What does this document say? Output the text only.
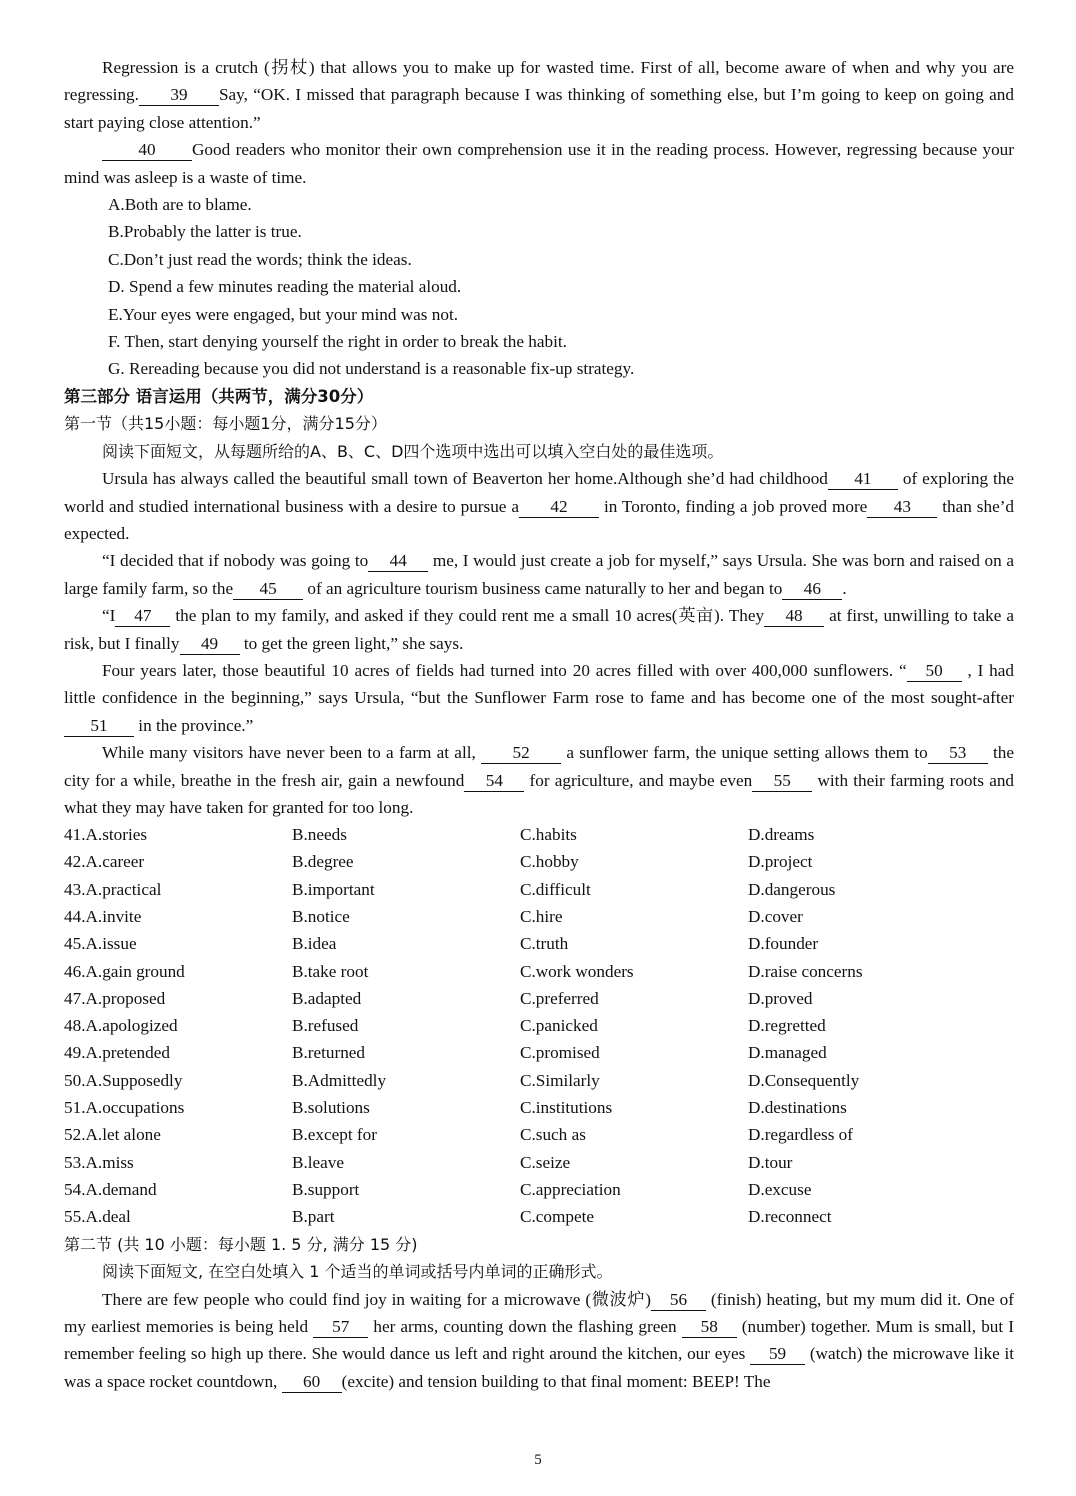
Regression is a crutch (拐杖) that allows you to make up for wasted time. First of all, become aware of when and why you are regressing. 39 Say, “OK. I missed that paragraph because I was thinking of something else, but I’m going to keep on going and start paying close attention.”

40 Good readers who monitor their own comprehension use it in the reading process. However, regressing because your mind was asleep is a waste of time.

A.Both are to blame.

B.Probably the latter is true.

C.Don’t just read the words; think the ideas.

D. Spend a few minutes reading the material aloud.

E.Your eyes were engaged, but your mind was not.

F. Then, start denying yourself the right in order to break the habit.

G. Rereading because you did not understand is a reasonable fix-up strategy.

第三部分 语言运用（共两节，满分30分）

第一节（共15小题：每小题1分，满分15分）

阅读下面短文，从每题所给的A、B、C、D四个选项中选出可以填入空白处的最佳选项。

Ursula has always called the beautiful small town of Beaverton her home.Although she’d had childhood 41 of exploring the world and studied international business with a desire to pursue a 42 in Toronto, finding a job proved more 43 than she’d expected.

“I decided that if nobody was going to 44 me, I would just create a job for myself,” says Ursula. She was born and raised on a large family farm, so the 45 of an agriculture tourism business came naturally to her and began to 46 .

“I 47 the plan to my family, and asked if they could rent me a small 10 acres(英亩). They 48 at first, unwilling to take a risk, but I finally 49 to get the green light,” she says.

Four years later, those beautiful 10 acres of fields had turned into 20 acres filled with over 400,000 sunflowers. “ 50 , I had little confidence in the beginning,” says Ursula, “but the Sunflower Farm rose to fame and has become one of the most sought-after51 in the province.”

While many visitors have never been to a farm at all, 52 a sunflower farm, the unique setting allows them to 53 the city for a while, breathe in the fresh air, gain a newfound 54 for agriculture, and maybe even 55 with their farming roots and what they may have taken for granted for too long.

41.A.stories	B.needs	C.habits	D.dreams
42.A.career	B.degree	C.hobby	D.project
43.A.practical	B.important	C.difficult	D.dangerous
44.A.invite	B.notice	C.hire	D.cover
45.A.issue	B.idea	C.truth	D.founder
46.A.gain ground	B.take root	C.work wonders	D.raise concerns
47.A.proposed	B.adapted	C.preferred	D.proved
48.A.apologized	B.refused	C.panicked	D.regretted
49.A.pretended	B.returned	C.promised	D.managed
50.A.Supposedly	B.Admittedly	C.Similarly	D.Consequently
51.A.occupations	B.solutions	C.institutions	D.destinations
52.A.let alone	B.except for	C.such as	D.regardless of
53.A.miss	B.leave	C.seize	D.tour
54.A.demand	B.support	C.appreciation	D.excuse
55.A.deal	B.part	C.compete	D.reconnect

第二节 (共 10 小题：每小题 1. 5 分, 满分 15 分)

阅读下面短文, 在空白处填入 1 个适当的单词或括号内单词的正确形式。

There are few people who could find joy in waiting for a microwave (微波炉) 56 (finish) heating, but my mum did it. One of my earliest memories is being held 57 her arms, counting down the flashing green 58 (number) together. Mum is small, but I remember feeling so high up there. She would dance us left and right around the kitchen, our eyes 59 (watch) the microwave like it was a space rocket countdown, 60 (excite) and tension building to that final moment: BEEP! The

5
